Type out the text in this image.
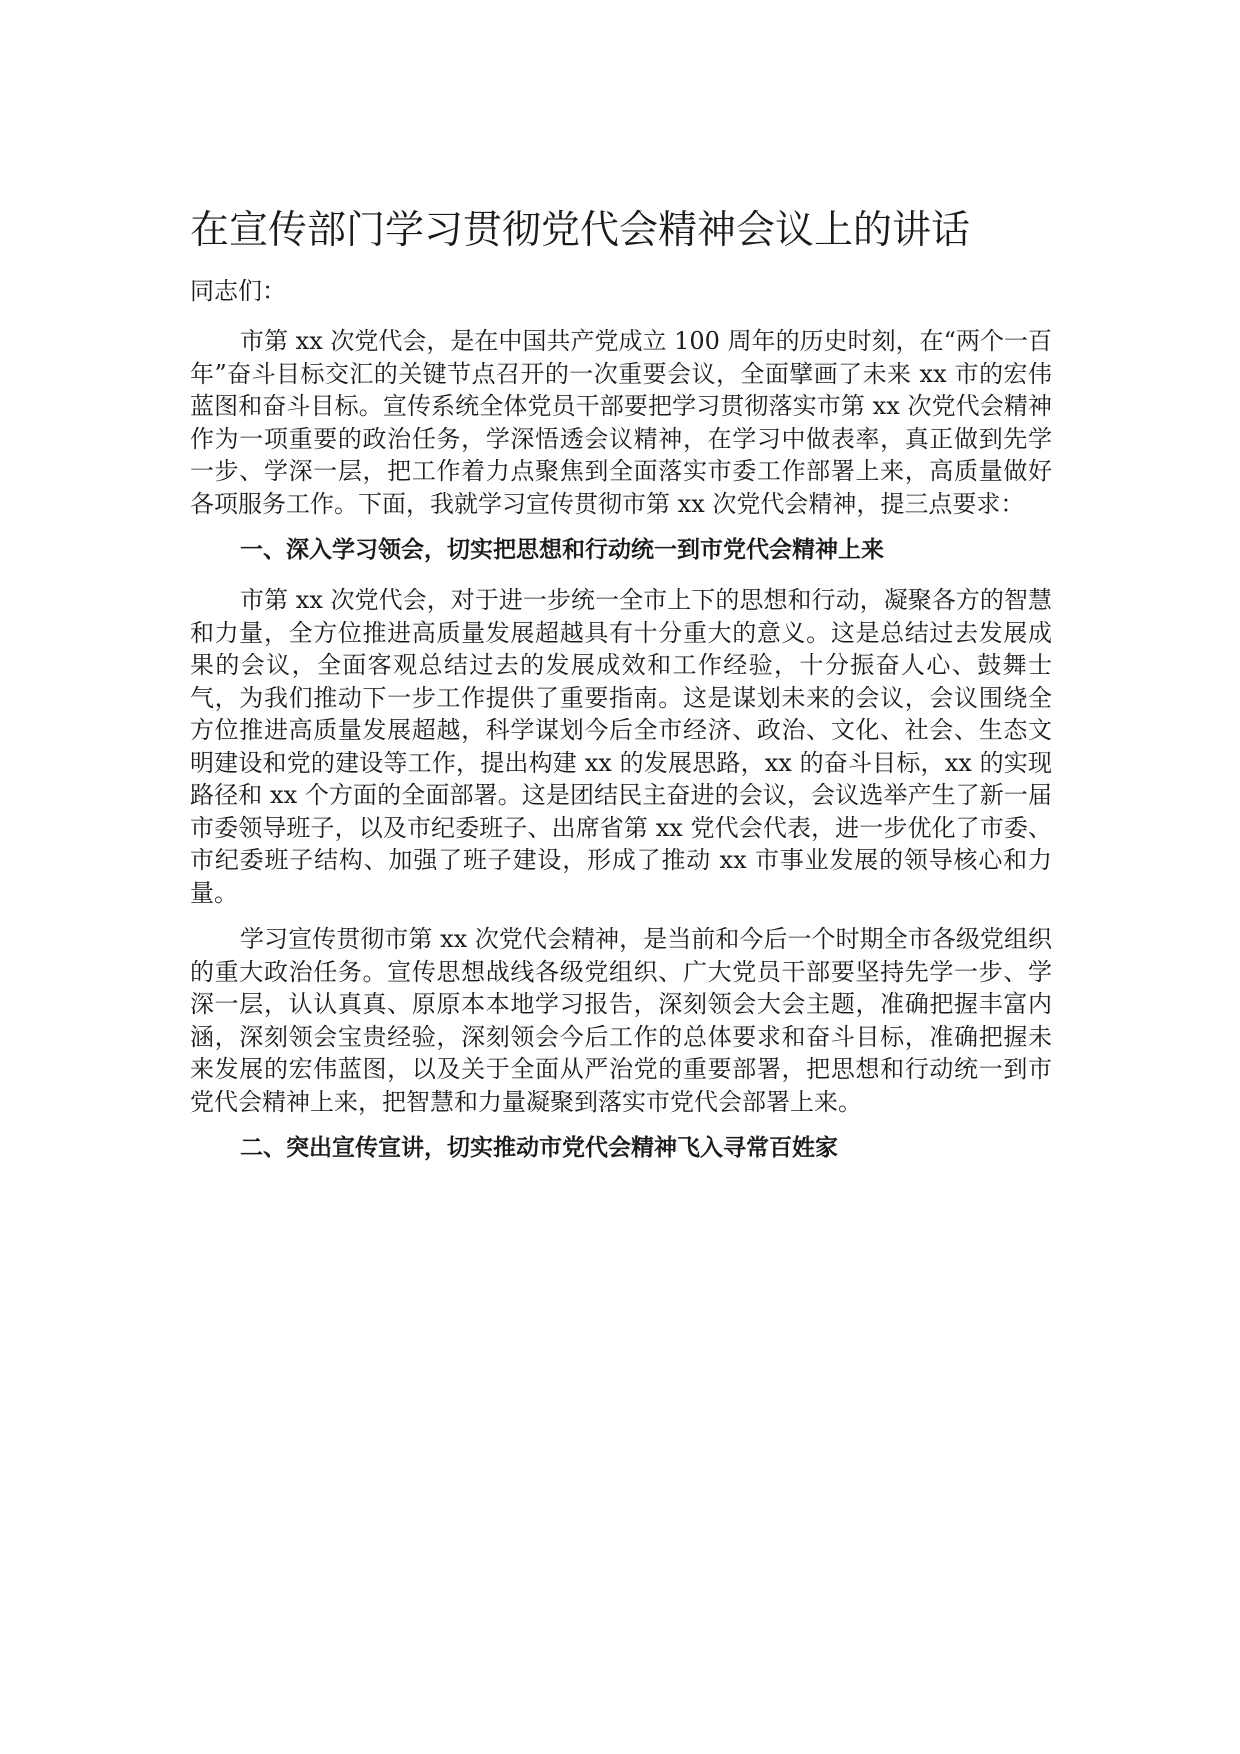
在宣传部门学习贯彻党代会精神会议上的讲话

同志们：

市第 xx 次党代会，是在中国共产党成立 100 周年的历史时刻，在“两个一百年”奋斗目标交汇的关键节点召开的一次重要会议，全面擘画了未来 xx 市的宏伟蓝图和奋斗目标。宣传系统全体党员干部要把学习贯彻落实市第 xx 次党代会精神作为一项重要的政治任务，学深悟透会议精神，在学习中做表率，真正做到先学一步、学深一层，把工作着力点聚焦到全面落实市委工作部署上来，高质量做好各项服务工作。下面，我就学习宣传贯彻市第 xx 次党代会精神，提三点要求：

一、深入学习领会，切实把思想和行动统一到市党代会精神上来

市第 xx 次党代会，对于进一步统一全市上下的思想和行动，凝聚各方的智慧和力量，全方位推进高质量发展超越具有十分重大的意义。这是总结过去发展成果的会议，全面客观总结过去的发展成效和工作经验，十分振奋人心、鼓舞士气，为我们推动下一步工作提供了重要指南。这是谋划未来的会议，会议围绕全方位推进高质量发展超越，科学谋划今后全市经济、政治、文化、社会、生态文明建设和党的建设等工作，提出构建 xx 的发展思路，xx 的奋斗目标，xx 的实现路径和 xx 个方面的全面部署。这是团结民主奋进的会议，会议选举产生了新一届市委领导班子，以及市纪委班子、出席省第 xx 党代会代表，进一步优化了市委、市纪委班子结构、加强了班子建设，形成了推动 xx 市事业发展的领导核心和力量。

学习宣传贯彻市第 xx 次党代会精神，是当前和今后一个时期全市各级党组织的重大政治任务。宣传思想战线各级党组织、广大党员干部要坚持先学一步、学深一层，认认真真、原原本本地学习报告，深刻领会大会主题，准确把握丰富内涵，深刻领会宝贵经验，深刻领会今后工作的总体要求和奋斗目标，准确把握未来发展的宏伟蓝图，以及关于全面从严治党的重要部署，把思想和行动统一到市党代会精神上来，把智慧和力量凝聚到落实市党代会部署上来。

二、突出宣传宣讲，切实推动市党代会精神飞入寻常百姓家
